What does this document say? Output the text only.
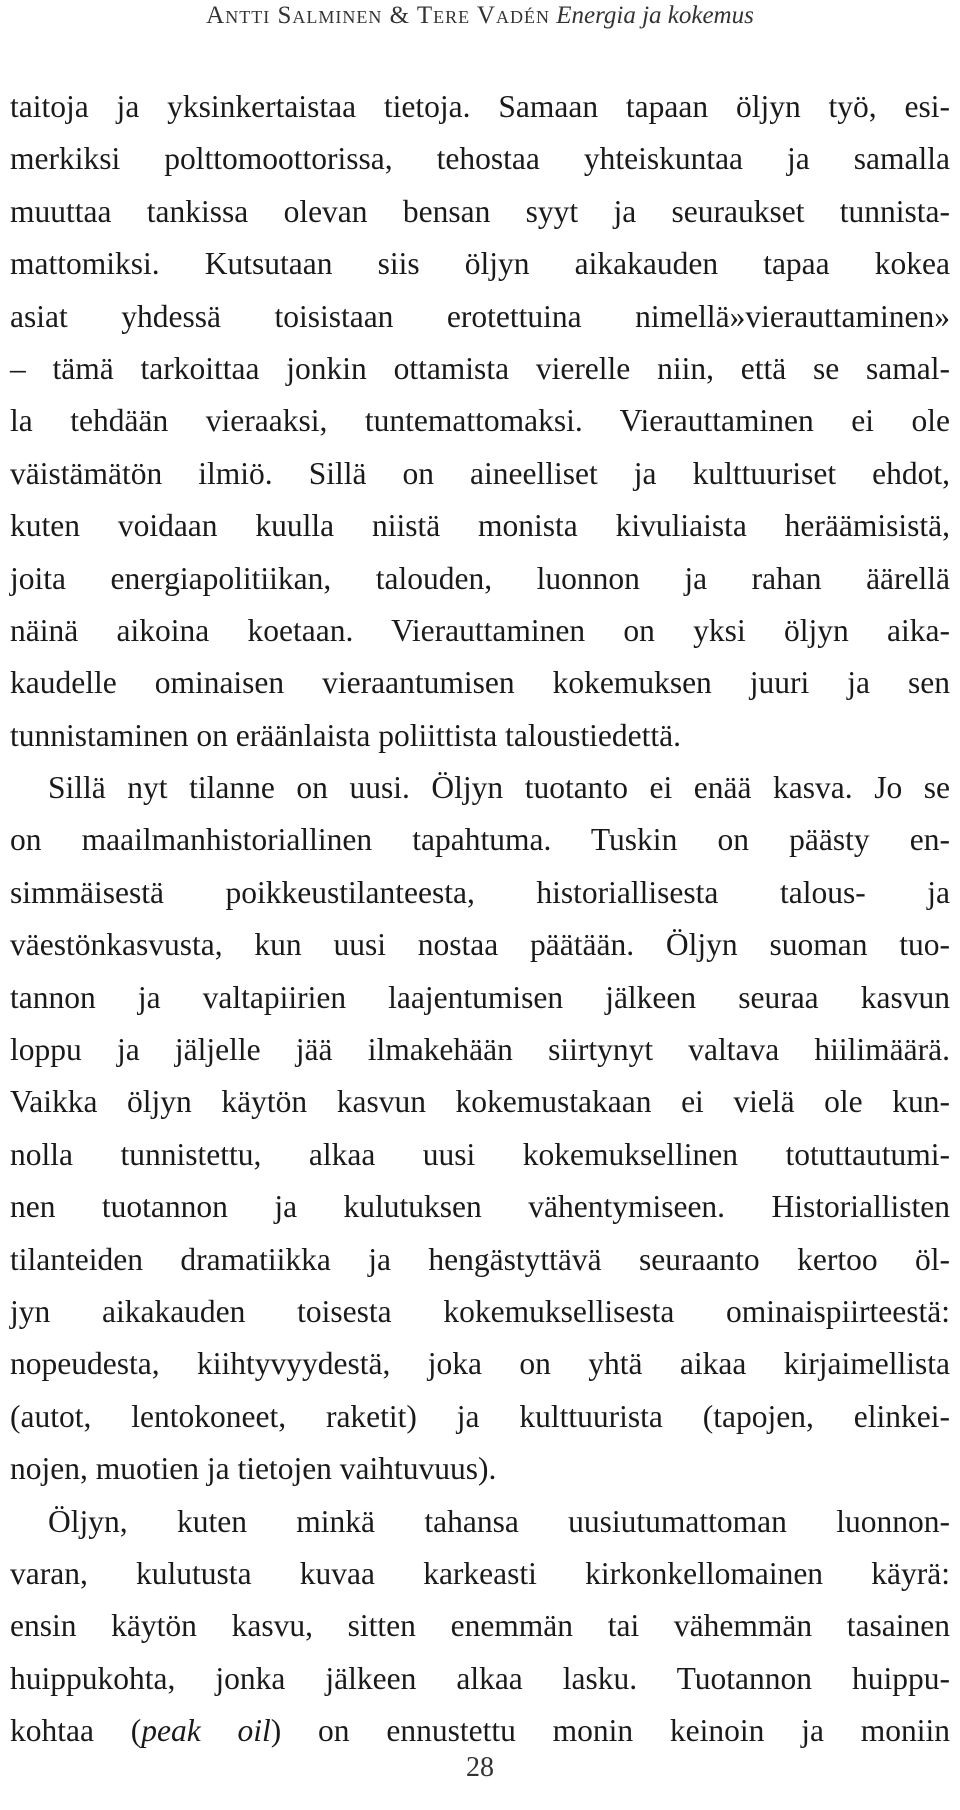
Antti Salminen & Tere Vadén Energia ja kokemus
taitoja ja yksinkertaistaa tietoja. Samaan tapaan öljyn työ, esi-
merkiksi polttomoottorissa, tehostaa yhteiskuntaa ja samalla
muuttaa tankissa olevan bensan syyt ja seuraukset tunnista-
mattomiksi. Kutsutaan siis öljyn aikakauden tapaa kokea
asiat yhdessä toisistaan erotettuina nimellä»vierauttaminen»
– tämä tarkoittaa jonkin ottamista vierelle niin, että se samal-
la tehdään vieraaksi, tuntemattomaksi. Vierauttaminen ei ole
väistämätön ilmiö. Sillä on aineelliset ja kulttuuriset ehdot,
kuten voidaan kuulla niistä monista kivuliaista heräämisistä,
joita energiapolitiikan, talouden, luonnon ja rahan äärellä
näinä aikoina koetaan. Vierauttaminen on yksi öljyn aika-
kaudelle ominaisen vieraantumisen kokemuksen juuri ja sen
tunnistaminen on eräänlaista poliittista taloustiedettä.
Sillä nyt tilanne on uusi. Öljyn tuotanto ei enää kasva. Jo se
on maailmanhistoriallinen tapahtuma. Tuskin on päästy en-
simmäisestä poikkeustilanteesta, historiallisesta talous- ja
väestönkasvusta, kun uusi nostaa päätään. Öljyn suoman tuo-
tannon ja valtapiirien laajentumisen jälkeen seuraa kasvun
loppu ja jäljelle jää ilmakehään siirtynyt valtava hiilimäärä.
Vaikka öljyn käytön kasvun kokemustakaan ei vielä ole kun-
nolla tunnistettu, alkaa uusi kokemuksellinen totuttautumi-
nen tuotannon ja kulutuksen vähentymiseen. Historiallisten
tilanteiden dramatiikka ja hengästyttävä seuraanto kertoo öl-
jyn aikakauden toisesta kokemuksellisesta ominaispiirteestä:
nopeudesta, kiihtyvyydestä, joka on yhtä aikaa kirjaimellista
(autot, lentokoneet, raketit) ja kulttuurista (tapojen, elinkei-
nojen, muotien ja tietojen vaihtuvuus).
Öljyn, kuten minkä tahansa uusiutumattoman luonnon-
varan, kulutusta kuvaa karkeasti kirkonkellomainen käyrä:
ensin käytön kasvu, sitten enemmän tai vähemmän tasainen
huippukohta, jonka jälkeen alkaa lasku. Tuotannon huippu-
kohtaa (peak oil) on ennustettu monin keinoin ja moniin
28
